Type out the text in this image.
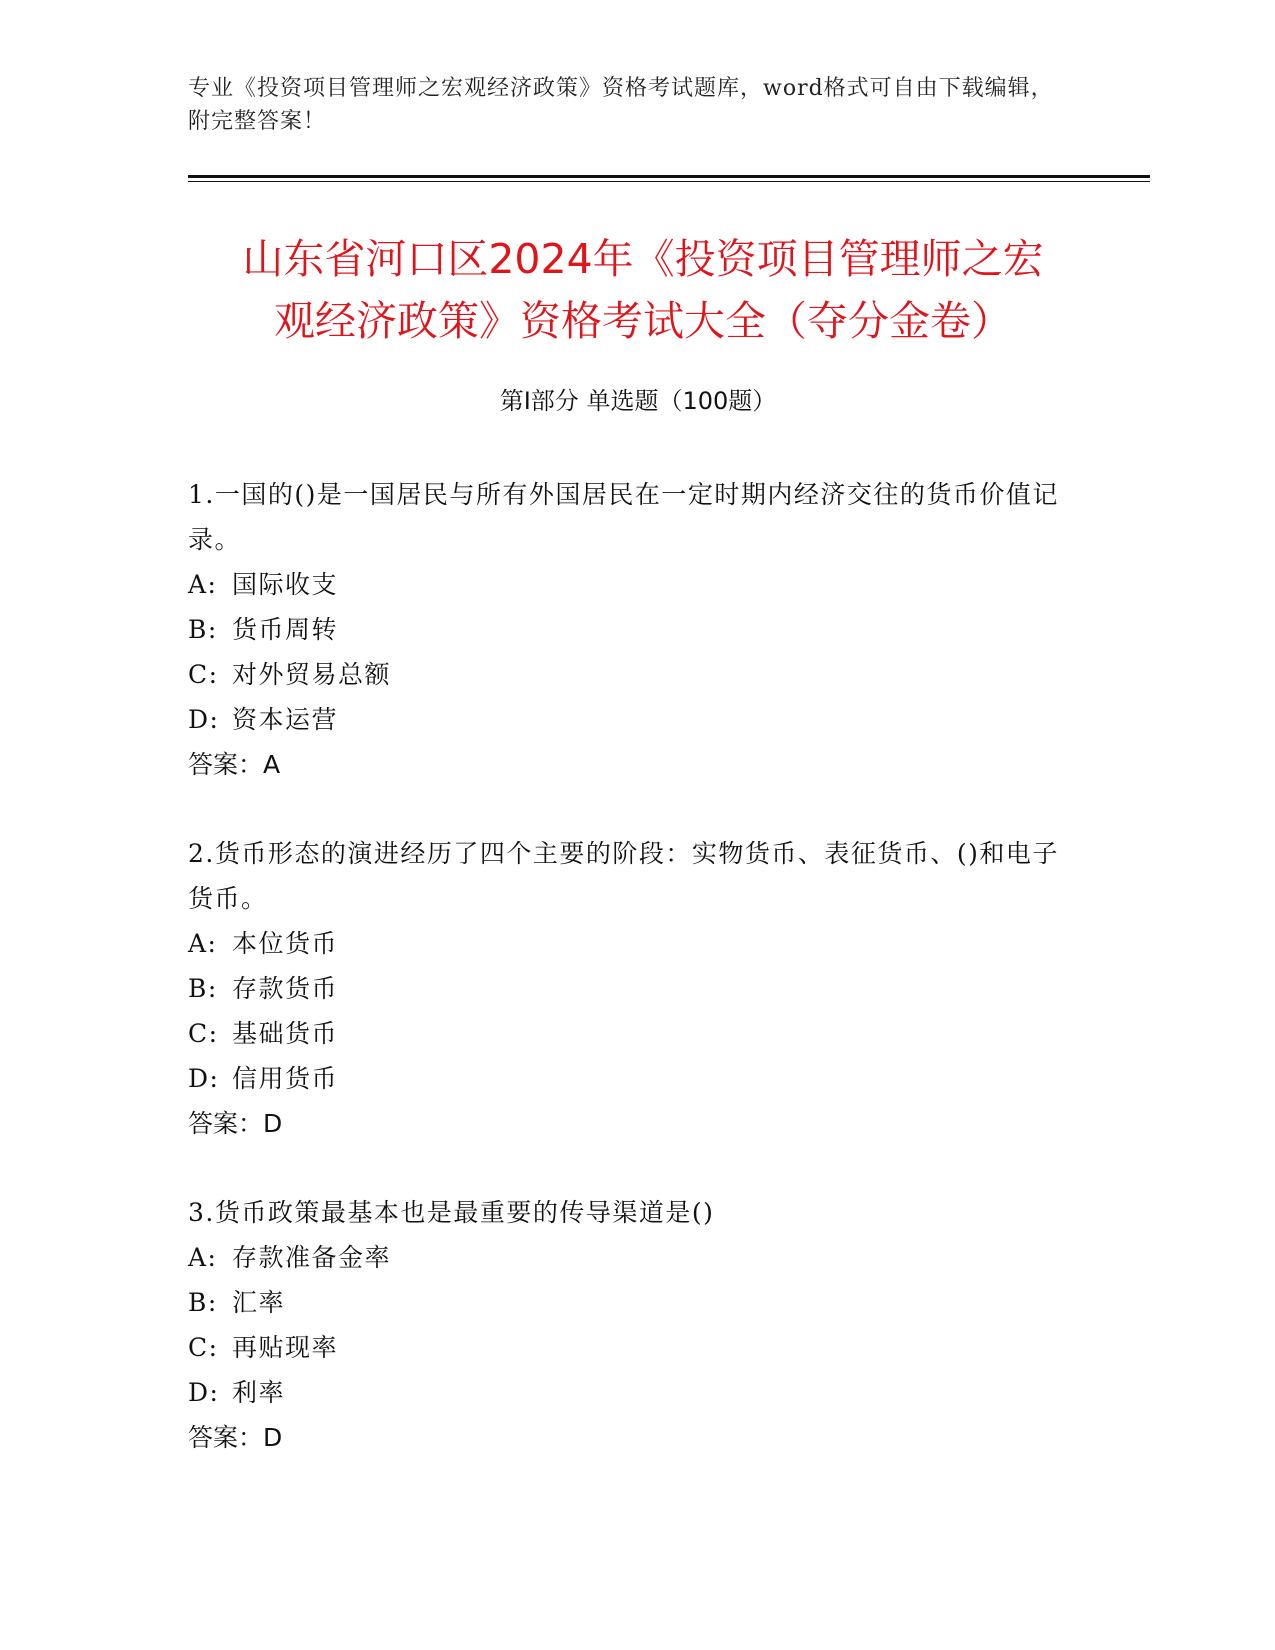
专业《投资项目管理师之宏观经济政策》资格考试题库，word格式可自由下载编辑，附完整答案！
山东省河口区2024年《投资项目管理师之宏
观经济政策》资格考试大全（夺分金卷）
第Ⅰ部分 单选题（100题）

1.一国的()是一国居民与所有外国居民在一定时期内经济交往的货币价值记录。

A: 国际收支

B: 货币周转

C: 对外贸易总额

D: 资本运营

答案：A

2.货币形态的演进经历了四个主要的阶段：实物货币、表征货币、()和电子货币。

A: 本位货币

B: 存款货币

C: 基础货币

D: 信用货币

答案：D

3.货币政策最基本也是最重要的传导渠道是()

A: 存款准备金率

B: 汇率

C: 再贴现率

D: 利率

答案：D
